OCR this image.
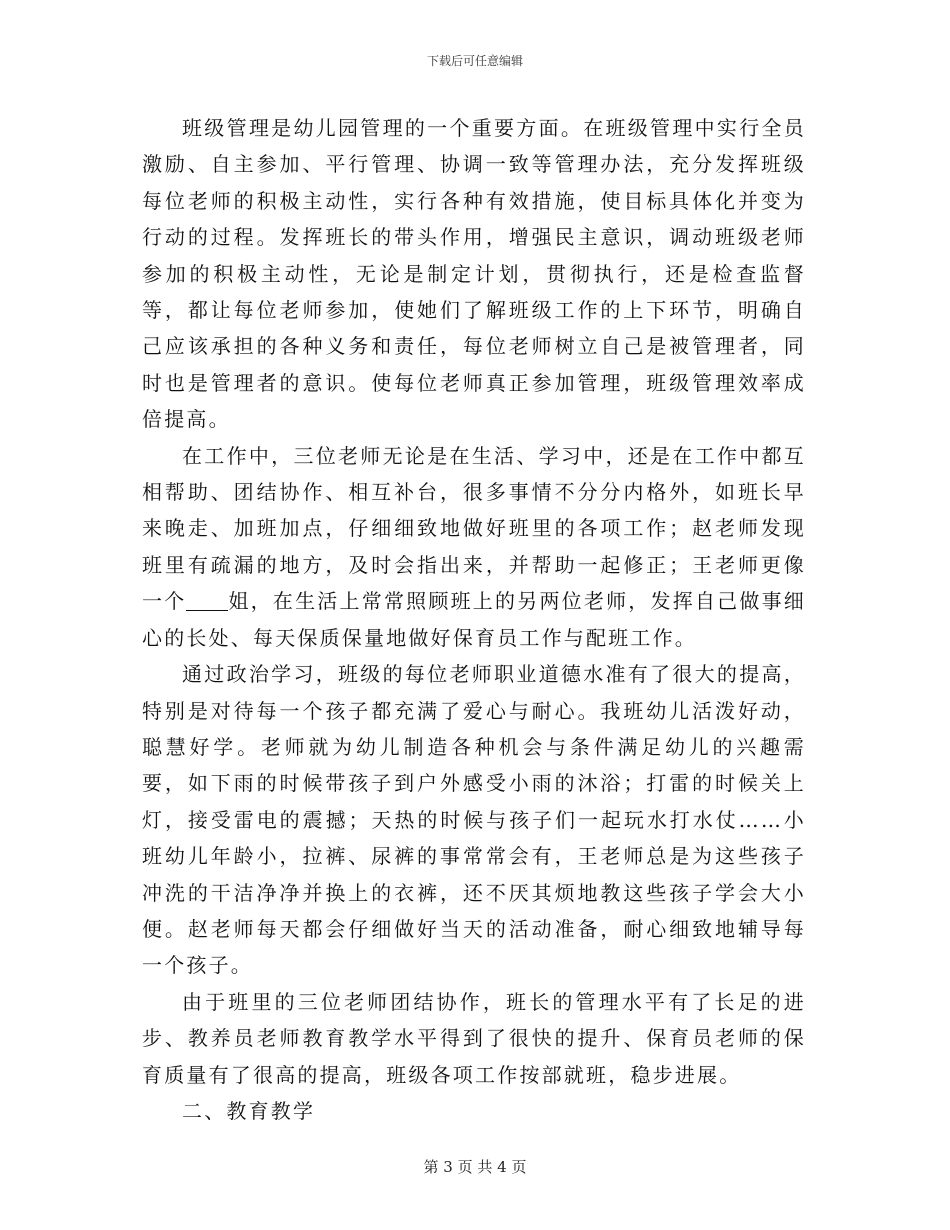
下载后可任意编辑

班级管理是幼儿园管理的一个重要方面。在班级管理中实行全员激励、自主参加、平行管理、协调一致等管理办法，充分发挥班级每位老师的积极主动性，实行各种有效措施，使目标具体化并变为行动的过程。发挥班长的带头作用，增强民主意识，调动班级老师参加的积极主动性，无论是制定计划，贯彻执行，还是检查监督等，都让每位老师参加，使她们了解班级工作的上下环节，明确自己应该承担的各种义务和责任，每位老师树立自己是被管理者，同时也是管理者的意识。使每位老师真正参加管理，班级管理效率成倍提高。

在工作中，三位老师无论是在生活、学习中，还是在工作中都互相帮助、团结协作、相互补台，很多事情不分分内格外，如班长早来晚走、加班加点，仔细细致地做好班里的各项工作；赵老师发现班里有疏漏的地方，及时会指出来，并帮助一起修正；王老师更像一个 姐，在生活上常常照顾班上的另两位老师，发挥自己做事细心的长处、每天保质保量地做好保育员工作与配班工作。

通过政治学习，班级的每位老师职业道德水准有了很大的提高，特别是对待每一个孩子都充满了爱心与耐心。我班幼儿活泼好动，聪慧好学。老师就为幼儿制造各种机会与条件满足幼儿的兴趣需要，如下雨的时候带孩子到户外感受小雨的沐浴；打雷的时候关上灯，接受雷电的震撼；天热的时候与孩子们一起玩水打水仗……小班幼儿年龄小，拉裤、尿裤的事常常会有，王老师总是为这些孩子冲洗的干洁净净并换上的衣裤，还不厌其烦地教这些孩子学会大小便。赵老师每天都会仔细做好当天的活动准备，耐心细致地辅导每一个孩子。

由于班里的三位老师团结协作，班长的管理水平有了长足的进步、教养员老师教育教学水平得到了很快的提升、保育员老师的保育质量有了很高的提高，班级各项工作按部就班，稳步进展。

二、教育教学

第 3 页 共 4 页
